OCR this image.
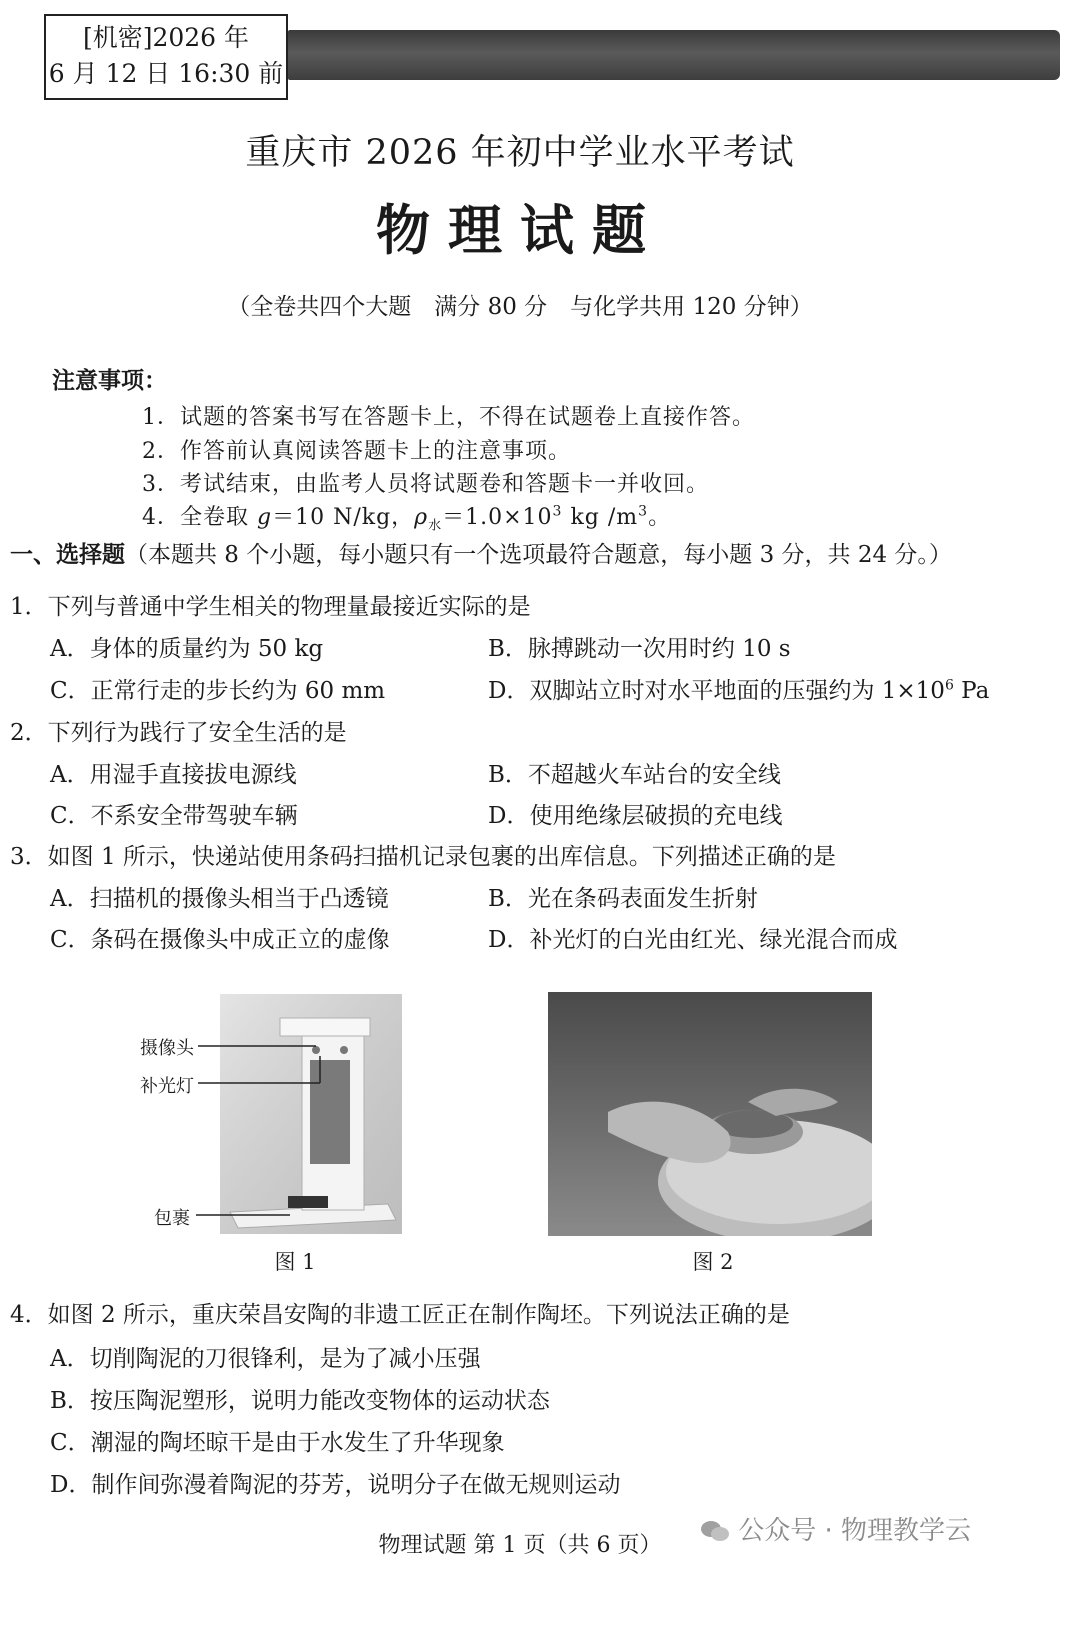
[机密]2026 年
6 月 12 日 16:30 前
重庆市 2026 年初中学业水平考试
物理试题
（全卷共四个大题　满分 80 分　与化学共用 120 分钟）
注意事项：
1．试题的答案书写在答题卡上，不得在试题卷上直接作答。
2．作答前认真阅读答题卡上的注意事项。
3．考试结束，由监考人员将试题卷和答题卡一并收回。
4．全卷取 g＝10 N/kg，$\rho_水=1.0\times 10^3$ kg $/m^3$。
一、选择题（本题共 8 个小题，每小题只有一个选项最符合题意，每小题 3 分，共 24 分。）
1．下列与普通中学生相关的物理量最接近实际的是
A．身体的质量约为 50 kg	B．脉搏跳动一次用时约 10 s
C．正常行走的步长约为 60 mm	D．双脚站立时对水平地面的压强约为 $1\times 10^6$ Pa
2．下列行为践行了安全生活的是
A．用湿手直接拔电源线	B．不超越火车站台的安全线
C．不系安全带驾驶车辆	D．使用绝缘层破损的充电线
3．如图 1 所示，快递站使用条码扫描机记录包裹的出库信息。下列描述正确的是
A．扫描机的摄像头相当于凸透镜	B．光在条码表面发生折射
C．条码在摄像头中成正立的虚像	D．补光灯的白光由红光、绿光混合而成
摄像头
补光灯
包裹
图 1	图 2
4．如图 2 所示，重庆荣昌安陶的非遗工匠正在制作陶坯。下列说法正确的是
A．切削陶泥的刀很锋利，是为了减小压强
B．按压陶泥塑形，说明力能改变物体的运动状态
C．潮湿的陶坯晾干是由于水发生了升华现象
D．制作间弥漫着陶泥的芬芳，说明分子在做无规则运动
公众号 · 物理教学云
物理试题 第 1 页（共 6 页）
